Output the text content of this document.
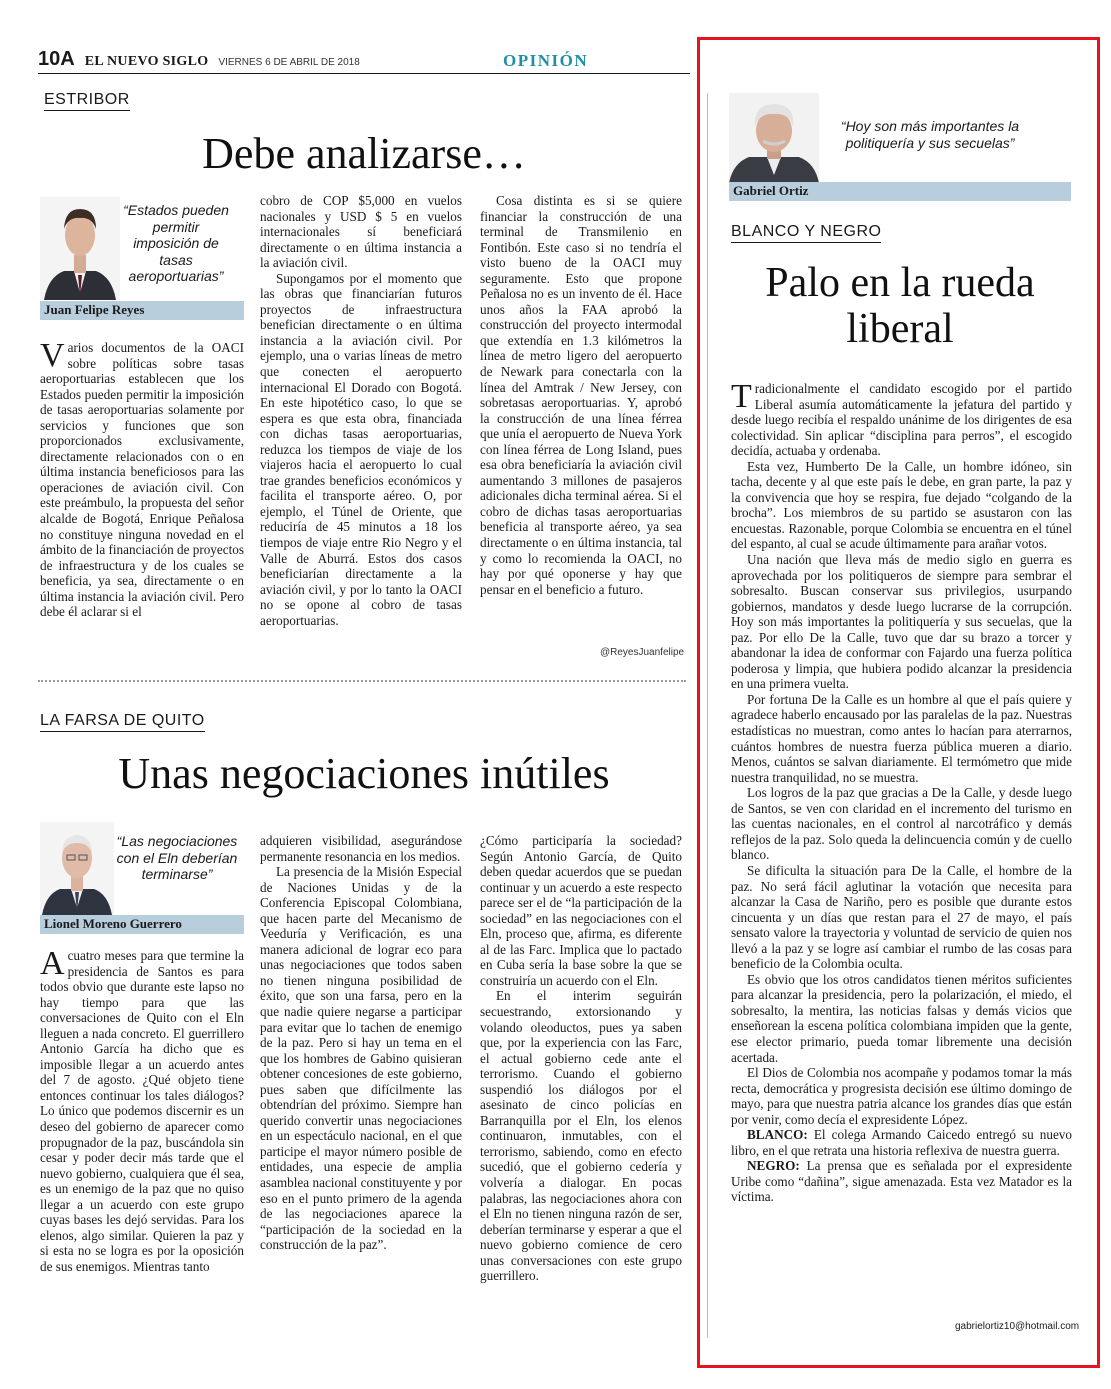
10A EL NUEVO SIGLO VIERNES 6 DE ABRIL DE 2018	OPINIÓN
ESTRIBOR
Debe analizarse…
“Estados pueden permitir imposición de tasas aeroportuarias”
Juan Felipe Reyes

Varios documentos de la OACI sobre políticas sobre tasas aeroportuarias establecen que los Estados pueden permitir la imposición de tasas aeroportuarias solamente por servicios y funciones que son proporcionados exclusivamente, directamente relacionados con o en última instancia beneficiosos para las operaciones de aviación civil. Con este preámbulo, la propuesta del señor alcalde de Bogotá, Enrique Peñalosa no constituye ninguna novedad en el ámbito de la financiación de proyectos de infraestructura y de los cuales se beneficia, ya sea, directamente o en última instancia la aviación civil. Pero debe él aclarar si el

cobro de COP $5,000 en vuelos nacionales y USD $ 5 en vuelos internacionales sí beneficiará directamente o en última instancia a la aviación civil.

Supongamos por el momento que las obras que financiarían futuros proyectos de infraestructura benefician directamente o en última instancia a la aviación civil. Por ejemplo, una o varias líneas de metro que conecten el aeropuerto internacional El Dorado con Bogotá. En este hipotético caso, lo que se espera es que esta obra, financiada con dichas tasas aeroportuarias, reduzca los tiempos de viaje de los viajeros hacia el aeropuerto lo cual trae grandes beneficios económicos y facilita el transporte aéreo. O, por ejemplo, el Túnel de Oriente, que reduciría de 45 minutos a 18 los tiempos de viaje entre Rio Negro y el Valle de Aburrá. Estos dos casos beneficiarían directamente a la aviación civil, y por lo tanto la OACI no se opone al cobro de tasas aeroportuarias.

Cosa distinta es si se quiere financiar la construcción de una terminal de Transmilenio en Fontibón. Este caso si no tendría el visto bueno de la OACI muy seguramente. Esto que propone Peñalosa no es un invento de él. Hace unos años la FAA aprobó la construcción del proyecto intermodal que extendía en 1.3 kilómetros la línea de metro ligero del aeropuerto de Newark para conectarla con la línea del Amtrak / New Jersey, con sobretasas aeroportuarias. Y, aprobó la construcción de una línea férrea que unía el aeropuerto de Nueva York con línea férrea de Long Island, pues esa obra beneficiaría la aviación civil aumentando 3 millones de pasajeros adicionales dicha terminal aérea. Si el cobro de dichas tasas aeroportuarias beneficia al transporte aéreo, ya sea directamente o en última instancia, tal y como lo recomienda la OACI, no hay por qué oponerse y hay que pensar en el beneficio a futuro.

@ReyesJuanfelipe
LA FARSA DE QUITO
Unas negociaciones inútiles
“Las negociaciones con el Eln deberían terminarse”
Lionel Moreno Guerrero

Acuatro meses para que termine la presidencia de Santos es para todos obvio que durante este lapso no hay tiempo para que las conversaciones de Quito con el Eln lleguen a nada concreto. El guerrillero Antonio García ha dicho que es imposible llegar a un acuerdo antes del 7 de agosto. ¿Qué objeto tiene entonces continuar los tales diálogos? Lo único que podemos discernir es un deseo del gobierno de aparecer como propugnador de la paz, buscándola sin cesar y poder decir más tarde que el nuevo gobierno, cualquiera que él sea, es un enemigo de la paz que no quiso llegar a un acuerdo con este grupo cuyas bases les dejó servidas. Para los elenos, algo similar. Quieren la paz y si esta no se logra es por la oposición de sus enemigos. Mientras tanto

adquieren visibilidad, asegurándose permanente resonancia en los medios.

La presencia de la Misión Especial de Naciones Unidas y de la Conferencia Episcopal Colombiana, que hacen parte del Mecanismo de Veeduría y Verificación, es una manera adicional de lograr eco para unas negociaciones que todos saben no tienen ninguna posibilidad de éxito, que son una farsa, pero en la que nadie quiere negarse a participar para evitar que lo tachen de enemigo de la paz. Pero si hay un tema en el que los hombres de Gabino quisieran obtener concesiones de este gobierno, pues saben que difícilmente las obtendrían del próximo. Siempre han querido convertir unas negociaciones en un espectáculo nacional, en el que participe el mayor número posible de entidades, una especie de amplia asamblea nacional constituyente y por eso en el punto primero de la agenda de las negociaciones aparece la “participación de la sociedad en la construcción de la paz”.

¿Cómo participaría la sociedad? Según Antonio García, de Quito deben quedar acuerdos que se puedan continuar y un acuerdo a este respecto parece ser el de “la participación de la sociedad” en las negociaciones con el Eln, proceso que, afirma, es diferente al de las Farc. Implica que lo pactado en Cuba sería la base sobre la que se construiría un acuerdo con el Eln.

En el interim seguirán secuestrando, extorsionando y volando oleoductos, pues ya saben que, por la experiencia con las Farc, el actual gobierno cede ante el terrorismo. Cuando el gobierno suspendió los diálogos por el asesinato de cinco policías en Barranquilla por el Eln, los elenos continuaron, inmutables, con el terrorismo, sabiendo, como en efecto sucedió, que el gobierno cedería y volvería a dialogar. En pocas palabras, las negociaciones ahora con el Eln no tienen ninguna razón de ser, deberían terminarse y esperar a que el nuevo gobierno comience de cero unas conversaciones con este grupo guerrillero.

“Hoy son más importantes la politiquería y sus secuelas”
Gabriel Ortiz
BLANCO Y NEGRO
Palo en la rueda liberal

Tradicionalmente el candidato escogido por el partido Liberal asumía automáticamente la jefatura del partido y desde luego recibía el respaldo unánime de los dirigentes de esa colectividad. Sin aplicar “disciplina para perros”, el escogido decidía, actuaba y ordenaba.

Esta vez, Humberto De la Calle, un hombre idóneo, sin tacha, decente y al que este país le debe, en gran parte, la paz y la convivencia que hoy se respira, fue dejado “colgando de la brocha”. Los miembros de su partido se asustaron con las encuestas. Razonable, porque Colombia se encuentra en el túnel del espanto, al cual se acude últimamente para arañar votos.

Una nación que lleva más de medio siglo en guerra es aprovechada por los politiqueros de siempre para sembrar el sobresalto. Buscan conservar sus privilegios, usurpando gobiernos, mandatos y desde luego lucrarse de la corrupción. Hoy son más importantes la politiquería y sus secuelas, que la paz. Por ello De la Calle, tuvo que dar su brazo a torcer y abandonar la idea de conformar con Fajardo una fuerza política poderosa y limpia, que hubiera podido alcanzar la presidencia en una primera vuelta.

Por fortuna De la Calle es un hombre al que el país quiere y agradece haberlo encausado por las paralelas de la paz. Nuestras estadísticas no muestran, como antes lo hacían para aterrarnos, cuántos hombres de nuestra fuerza pública mueren a diario. Menos, cuántos se salvan diariamente. El termómetro que mide nuestra tranquilidad, no se muestra.

Los logros de la paz que gracias a De la Calle, y desde luego de Santos, se ven con claridad en el incremento del turismo en las cuentas nacionales, en el control al narcotráfico y demás reflejos de la paz. Solo queda la delincuencia común y de cuello blanco.

Se dificulta la situación para De la Calle, el hombre de la paz. No será fácil aglutinar la votación que necesita para alcanzar la Casa de Nariño, pero es posible que durante estos cincuenta y un días que restan para el 27 de mayo, el país sensato valore la trayectoria y voluntad de servicio de quien nos llevó a la paz y se logre así cambiar el rumbo de las cosas para beneficio de la Colombia oculta.

Es obvio que los otros candidatos tienen méritos suficientes para alcanzar la presidencia, pero la polarización, el miedo, el sobresalto, la mentira, las noticias falsas y demás vicios que enseñorean la escena política colombiana impiden que la gente, ese elector primario, pueda tomar libremente una decisión acertada.

El Dios de Colombia nos acompañe y podamos tomar la más recta, democrática y progresista decisión ese último domingo de mayo, para que nuestra patria alcance los grandes días que están por venir, como decía el expresidente López.

BLANCO: El colega Armando Caicedo entregó su nuevo libro, en el que retrata una historia reflexiva de nuestra guerra.

NEGRO: La prensa que es señalada por el expresidente Uribe como “dañina”, sigue amenazada. Esta vez Matador es la víctima.

gabrielortiz10@hotmail.com
